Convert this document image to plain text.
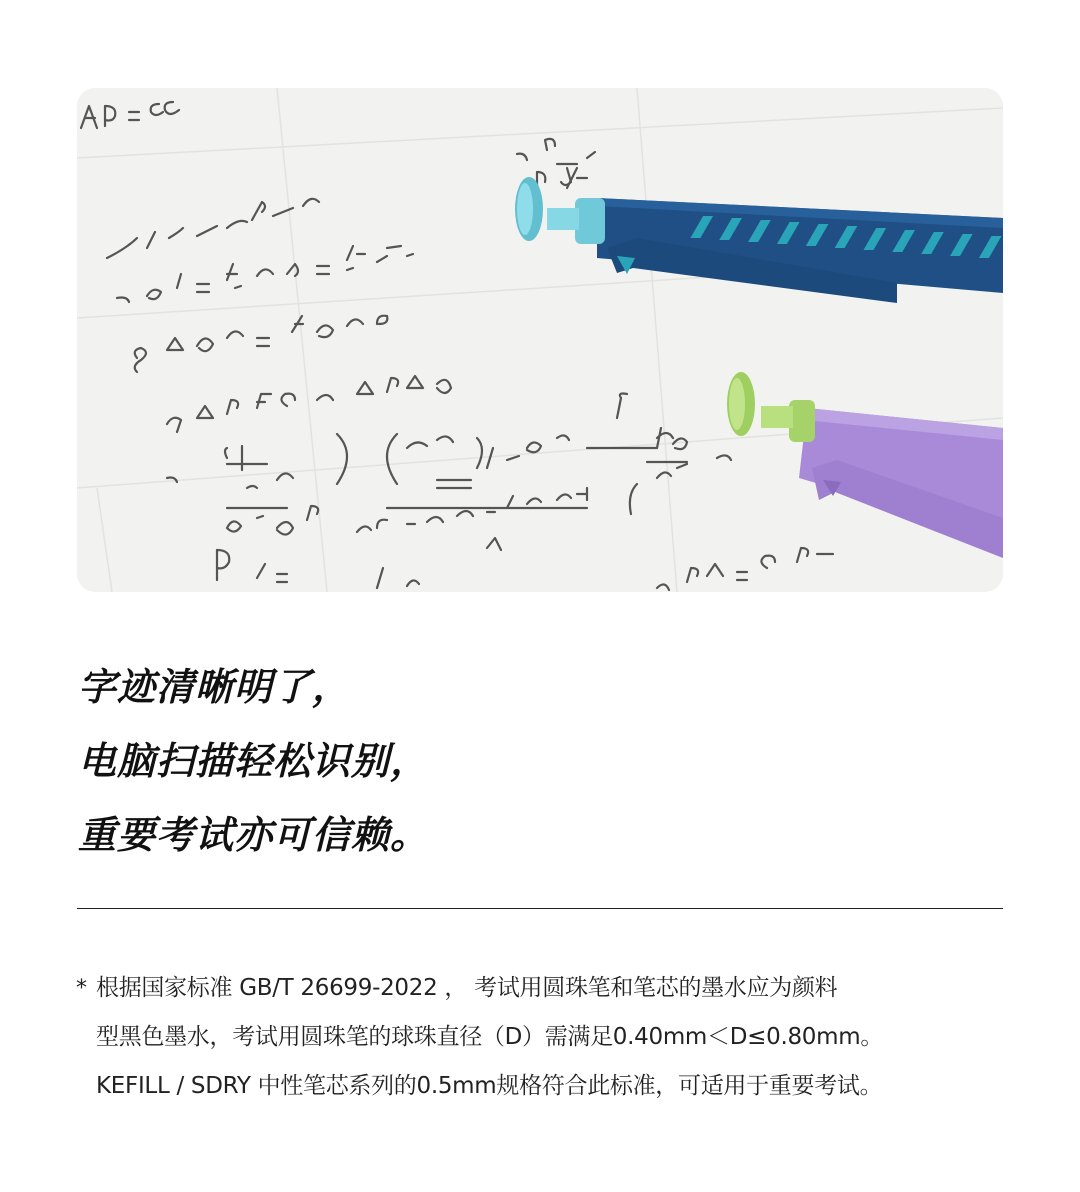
字迹清晰明了，
电脑扫描轻松识别，
重要考试亦可信赖。
* 根据国家标准 GB/T 26699-2022 ， 考试用圆珠笔和笔芯的墨水应为颜料
型黑色墨水，考试用圆珠笔的球珠直径（D）需满足0.40mm＜D≤0.80mm。
KEFILL / SDRY 中性笔芯系列的0.5mm规格符合此标准，可适用于重要考试。
